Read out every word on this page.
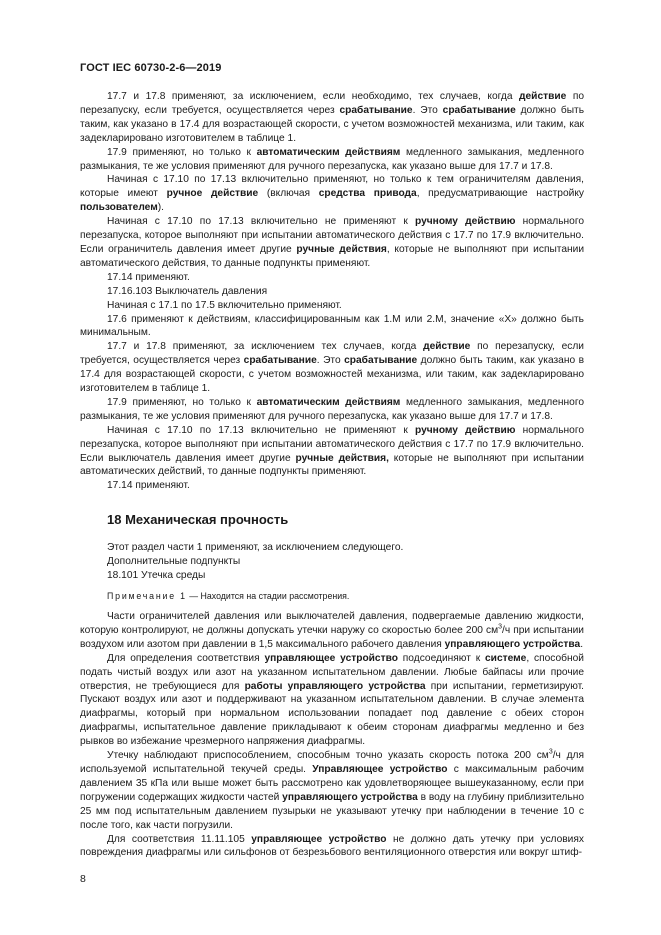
ГОСТ IEC 60730-2-6—2019

17.7 и 17.8 применяют, за исключением, если необходимо, тех случаев, когда действие по перезапуску, если требуется, осуществляется через срабатывание. Это срабатывание должно быть таким, как указано в 17.4 для возрастающей скорости, с учетом возможностей механизма, или таким, как задекларировано изготовителем в таблице 1.

17.9 применяют, но только к автоматическим действиям медленного замыкания, медленного размыкания, те же условия применяют для ручного перезапуска, как указано выше для 17.7 и 17.8.

Начиная с 17.10 по 17.13 включительно применяют, но только к тем ограничителям давления, которые имеют ручное действие (включая средства привода, предусматривающие настройку пользователем).

Начиная с 17.10 по 17.13 включительно не применяют к ручному действию нормального перезапуска, которое выполняют при испытании автоматического действия с 17.7 по 17.9 включительно. Если ограничитель давления имеет другие ручные действия, которые не выполняют при испытании автоматического действия, то данные подпункты применяют.

17.14 применяют.

17.16.103 Выключатель давления

Начиная с 17.1 по 17.5 включительно применяют.

17.6 применяют к действиям, классифицированным как 1.М или 2.М, значение «X» должно быть минимальным.

17.7 и 17.8 применяют, за исключением тех случаев, когда действие по перезапуску, если требуется, осуществляется через срабатывание. Это срабатывание должно быть таким, как указано в 17.4 для возрастающей скорости, с учетом возможностей механизма, или таким, как задекларировано изготовителем в таблице 1.

17.9 применяют, но только к автоматическим действиям медленного замыкания, медленного размыкания, те же условия применяют для ручного перезапуска, как указано выше для 17.7 и 17.8.

Начиная с 17.10 по 17.13 включительно не применяют к ручному действию нормального перезапуска, которое выполняют при испытании автоматического действия с 17.7 по 17.9 включительно. Если выключатель давления имеет другие ручные действия, которые не выполняют при испытании автоматических действий, то данные подпункты применяют.

17.14 применяют.

18 Механическая прочность

Этот раздел части 1 применяют, за исключением следующего.

Дополнительные подпункты

18.101 Утечка среды

Примечание 1 — Находится на стадии рассмотрения.

Части ограничителей давления или выключателей давления, подвергаемые давлению жидкости, которую контролируют, не должны допускать утечки наружу со скоростью более 200 $см^3/ч$ при испытании воздухом или азотом при давлении в 1,5 максимального рабочего давления управляющего устройства.

Для определения соответствия управляющее устройство подсоединяют к системе, способной подать чистый воздух или азот на указанном испытательном давлении. Любые байпасы или прочие отверстия, не требующиеся для работы управляющего устройства при испытании, герметизируют. Пускают воздух или азот и поддерживают на указанном испытательном давлении. В случае элемента диафрагмы, который при нормальном использовании попадает под давление с обеих сторон диафрагмы, испытательное давление прикладывают к обеим сторонам диафрагмы медленно и без рывков во избежание чрезмерного напряжения диафрагмы.

Утечку наблюдают приспособлением, способным точно указать скорость потока 200 $см^3/ч$ для используемой испытательной текучей среды. Управляющее устройство с максимальным рабочим давлением 35 кПа или выше может быть рассмотрено как удовлетворяющее вышеуказанному, если при погружении содержащих жидкости частей управляющего устройства в воду на глубину приблизительно 25 мм под испытательным давлением пузырьки не указывают утечку при наблюдении в течение 10 с после того, как части погрузили.

Для соответствия 11.11.105 управляющее устройство не должно дать утечку при условиях повреждения диафрагмы или сильфонов от безрезьбового вентиляционного отверстия или вокруг штиф-

8
